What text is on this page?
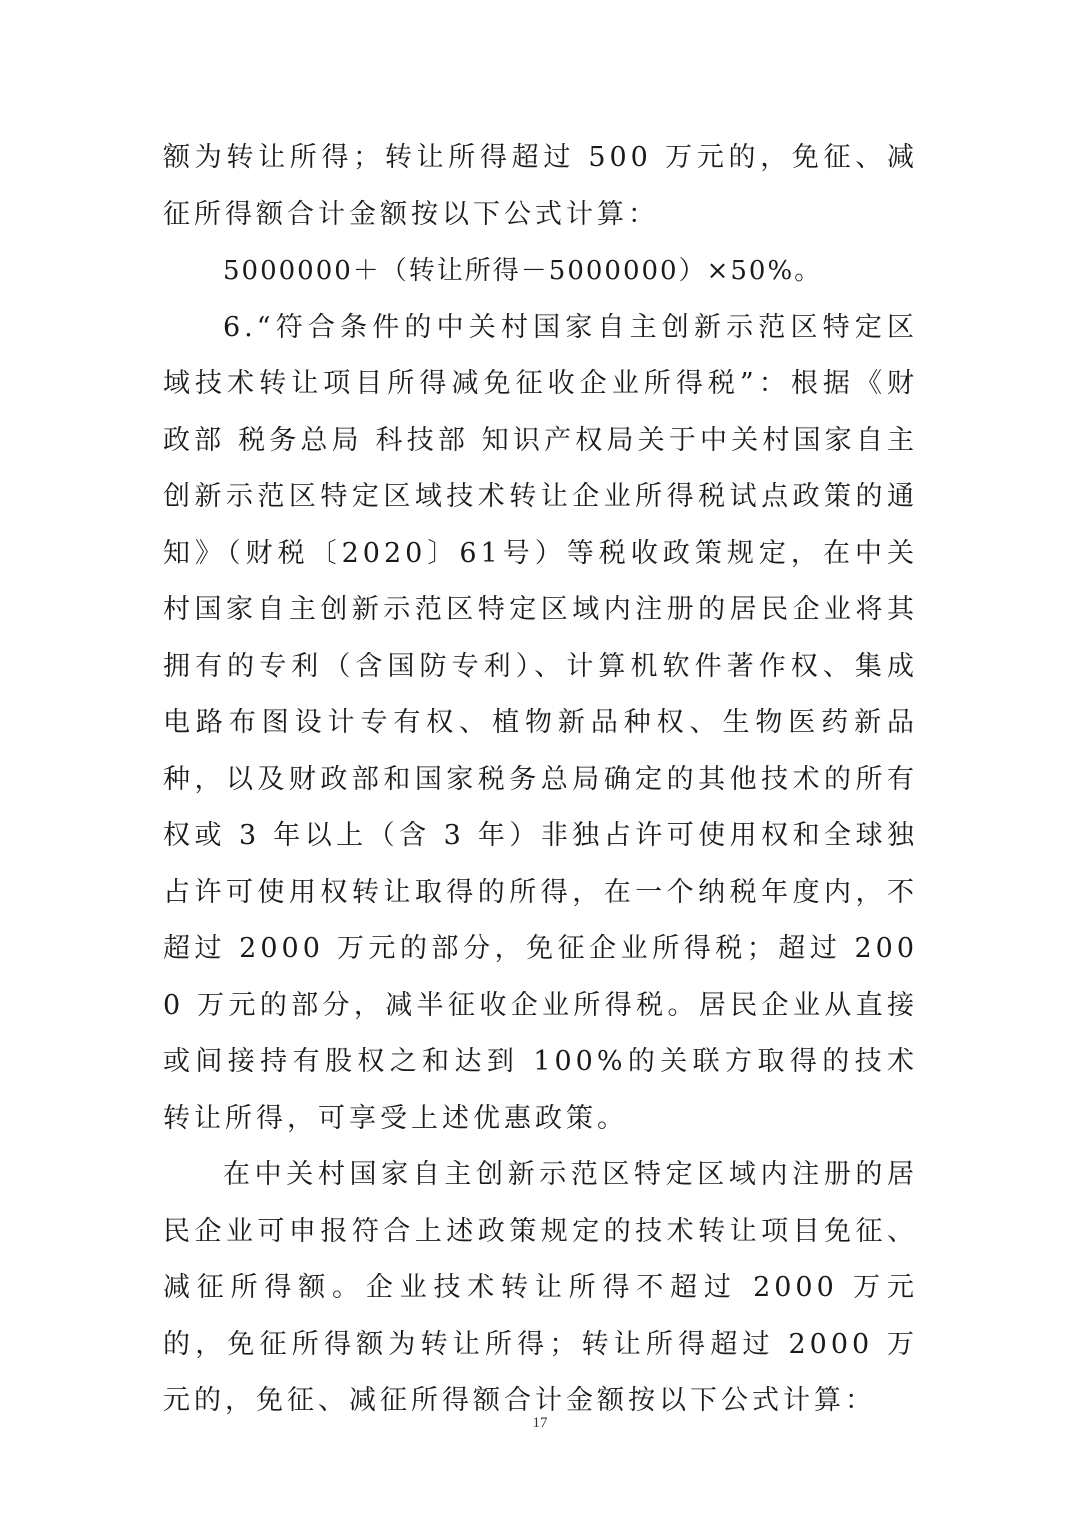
额为转让所得；转让所得超过 500 万元的，免征、减征所得额合计金额按以下公式计算：

5000000＋（转让所得－5000000）×50%。

6.“符合条件的中关村国家自主创新示范区特定区域技术转让项目所得减免征收企业所得税”：根据《财政部 税务总局 科技部 知识产权局关于中关村国家自主创新示范区特定区域技术转让企业所得税试点政策的通知》（财税〔2020〕61号）等税收政策规定，在中关村国家自主创新示范区特定区域内注册的居民企业将其拥有的专利（含国防专利）、计算机软件著作权、集成电路布图设计专有权、植物新品种权、生物医药新品种，以及财政部和国家税务总局确定的其他技术的所有权或 3 年以上（含 3 年）非独占许可使用权和全球独占许可使用权转让取得的所得，在一个纳税年度内，不超过 2000 万元的部分，免征企业所得税；超过 2000 万元的部分，减半征收企业所得税。居民企业从直接或间接持有股权之和达到 100%的关联方取得的技术转让所得，可享受上述优惠政策。

在中关村国家自主创新示范区特定区域内注册的居民企业可申报符合上述政策规定的技术转让项目免征、减征所得额。企业技术转让所得不超过 2000 万元的，免征所得额为转让所得；转让所得超过 2000 万元的，免征、减征所得额合计金额按以下公式计算：

17
